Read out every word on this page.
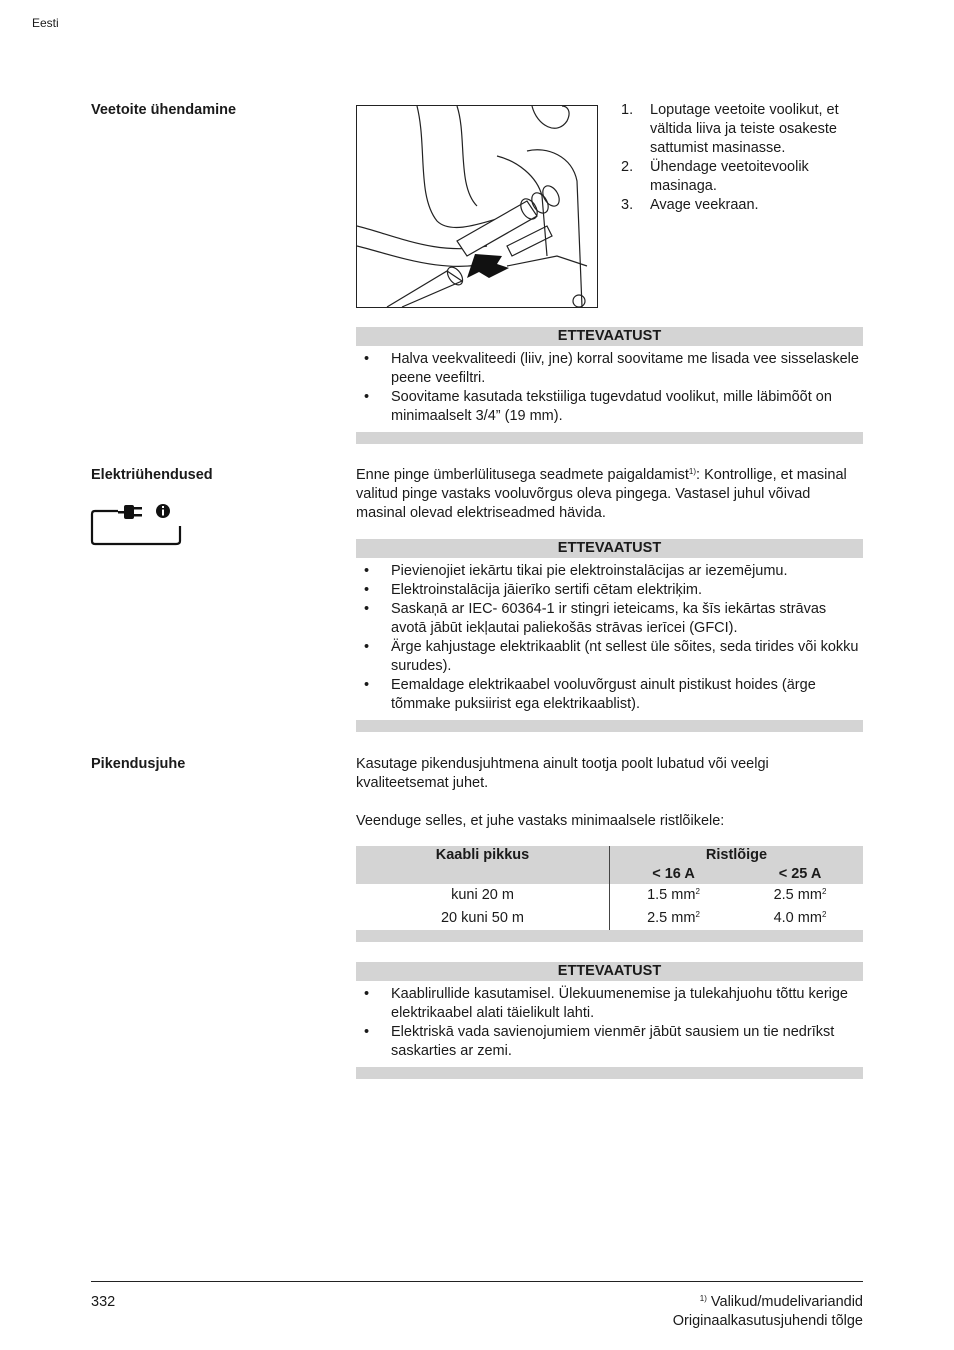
Eesti
Veetoite ühendamine	1. Loputage veetoite voolikut, et vältida liiva ja teiste osakeste sattumist masinasse.
2. Ühendage veetoitevoolik masinaga.
3. Avage veekraan.
ETTEVAATUST
• Halva veekvaliteedi (liiv, jne) korral soovitame me lisada vee sisselaskele peene veefiltri.
• Soovitame kasutada tekstiiliga tugevdatud voolikut, mille läbimõõt on minimaalselt 3/4” (19 mm).
Elektriühendused	Enne pinge ümberlülitusega seadmete paigaldamist$^{1)}$: Kontrollige, et masinal valitud pinge vastaks vooluvõrgus oleva pingega. Vastasel juhul võivad masinal olevad elektriseadmed hävida.

ETTEVAATUST
• Pievienojiet iekārtu tikai pie elektroinstalācijas ar iezemējumu.
• Elektroinstalācija jāierīko sertifi cētam elektriķim.
• Saskaņā ar IEC- 60364-1 ir stingri ieteicams, ka šīs iekārtas strāvas avotā jābūt iekļautai paliekošās strāvas ierīcei (GFCI).
• Ärge kahjustage elektrikaablit (nt sellest üle sõites, seda tirides või kokku surudes).
• Eemaldage elektrikaabel vooluvõrgust ainult pistikust hoides (ärge tõmmake puksiirist ega elektrikaablist).
Pikendusjuhe	Kasutage pikendusjuhtmena ainult tootja poolt lubatud või veelgi kvaliteetsemat juhet.

Veenduge selles, et juhe vastaks minimaalsele ristlõikele:

Kaabli pikkus	Ristlõige	
	< 16 A	< 25 A
kuni 20 m	1.5 $mm^2$	2.5 $mm^2$
20 kuni 50 m	2.5 $mm^2$	4.0 $mm^2$
ETTEVAATUST
• Kaablirullide kasutamisel. Ülekuumenemise ja tulekahjuohu tõttu kerige elektrikaabel alati täielikult lahti.
• Elektriskā vada savienojumiem vienmēr jābūt sausiem un tie nedrīkst saskarties ar zemi.
332	$^{1)}$ Valikud/mudelivariandid
Originaalkasutusjuhendi tõlge
